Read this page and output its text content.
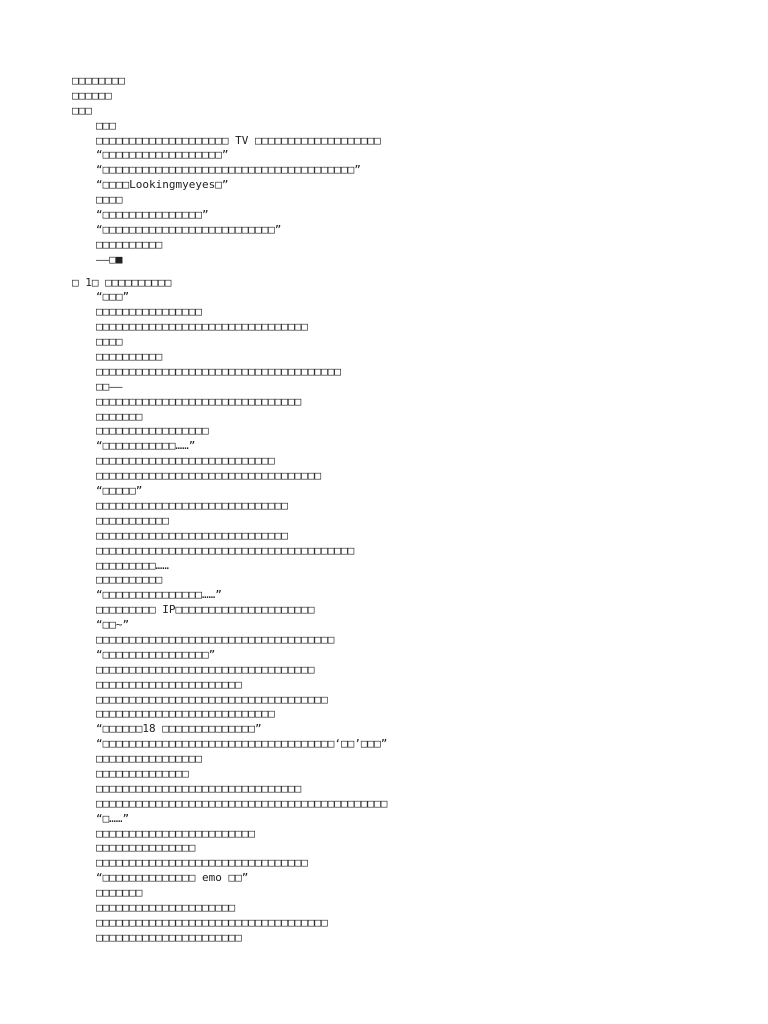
□□□□□□□□
□□□□□□
□□□
□□□
□□□□□□□□□□□□□□□□□□□□ TV □□□□□□□□□□□□□□□□□□□
“□□□□□□□□□□□□□□□□□□”
“□□□□□□□□□□□□□□□□□□□□□□□□□□□□□□□□□□□□□□”
“□□□□Lookingmyeyes□”
□□□□
“□□□□□□□□□□□□□□□”
“□□□□□□□□□□□□□□□□□□□□□□□□□□”
□□□□□□□□□□
——□■
□ 1□ □□□□□□□□□□
“□□□”
□□□□□□□□□□□□□□□□
□□□□□□□□□□□□□□□□□□□□□□□□□□□□□□□□
□□□□
□□□□□□□□□□
□□□□□□□□□□□□□□□□□□□□□□□□□□□□□□□□□□□□□
□□——
□□□□□□□□□□□□□□□□□□□□□□□□□□□□□□□
□□□□□□□
□□□□□□□□□□□□□□□□□
“□□□□□□□□□□□……”
□□□□□□□□□□□□□□□□□□□□□□□□□□□
□□□□□□□□□□□□□□□□□□□□□□□□□□□□□□□□□□
“□□□□□”
□□□□□□□□□□□□□□□□□□□□□□□□□□□□□
□□□□□□□□□□□
□□□□□□□□□□□□□□□□□□□□□□□□□□□□□
□□□□□□□□□□□□□□□□□□□□□□□□□□□□□□□□□□□□□□□
□□□□□□□□□……
□□□□□□□□□□
“□□□□□□□□□□□□□□□……”
□□□□□□□□□ IP□□□□□□□□□□□□□□□□□□□□□
“□□~”
□□□□□□□□□□□□□□□□□□□□□□□□□□□□□□□□□□□□
“□□□□□□□□□□□□□□□□”
□□□□□□□□□□□□□□□□□□□□□□□□□□□□□□□□□
□□□□□□□□□□□□□□□□□□□□□□
□□□□□□□□□□□□□□□□□□□□□□□□□□□□□□□□□□□
□□□□□□□□□□□□□□□□□□□□□□□□□□□
“□□□□□□18 □□□□□□□□□□□□□□”
“□□□□□□□□□□□□□□□□□□□□□□□□□□□□□□□□□□□‘□□’□□□”
□□□□□□□□□□□□□□□□
□□□□□□□□□□□□□□
□□□□□□□□□□□□□□□□□□□□□□□□□□□□□□□
□□□□□□□□□□□□□□□□□□□□□□□□□□□□□□□□□□□□□□□□□□□□
“□……”
□□□□□□□□□□□□□□□□□□□□□□□□
□□□□□□□□□□□□□□□
□□□□□□□□□□□□□□□□□□□□□□□□□□□□□□□□
“□□□□□□□□□□□□□□ emo □□”
□□□□□□□
□□□□□□□□□□□□□□□□□□□□□
□□□□□□□□□□□□□□□□□□□□□□□□□□□□□□□□□□□
□□□□□□□□□□□□□□□□□□□□□□
